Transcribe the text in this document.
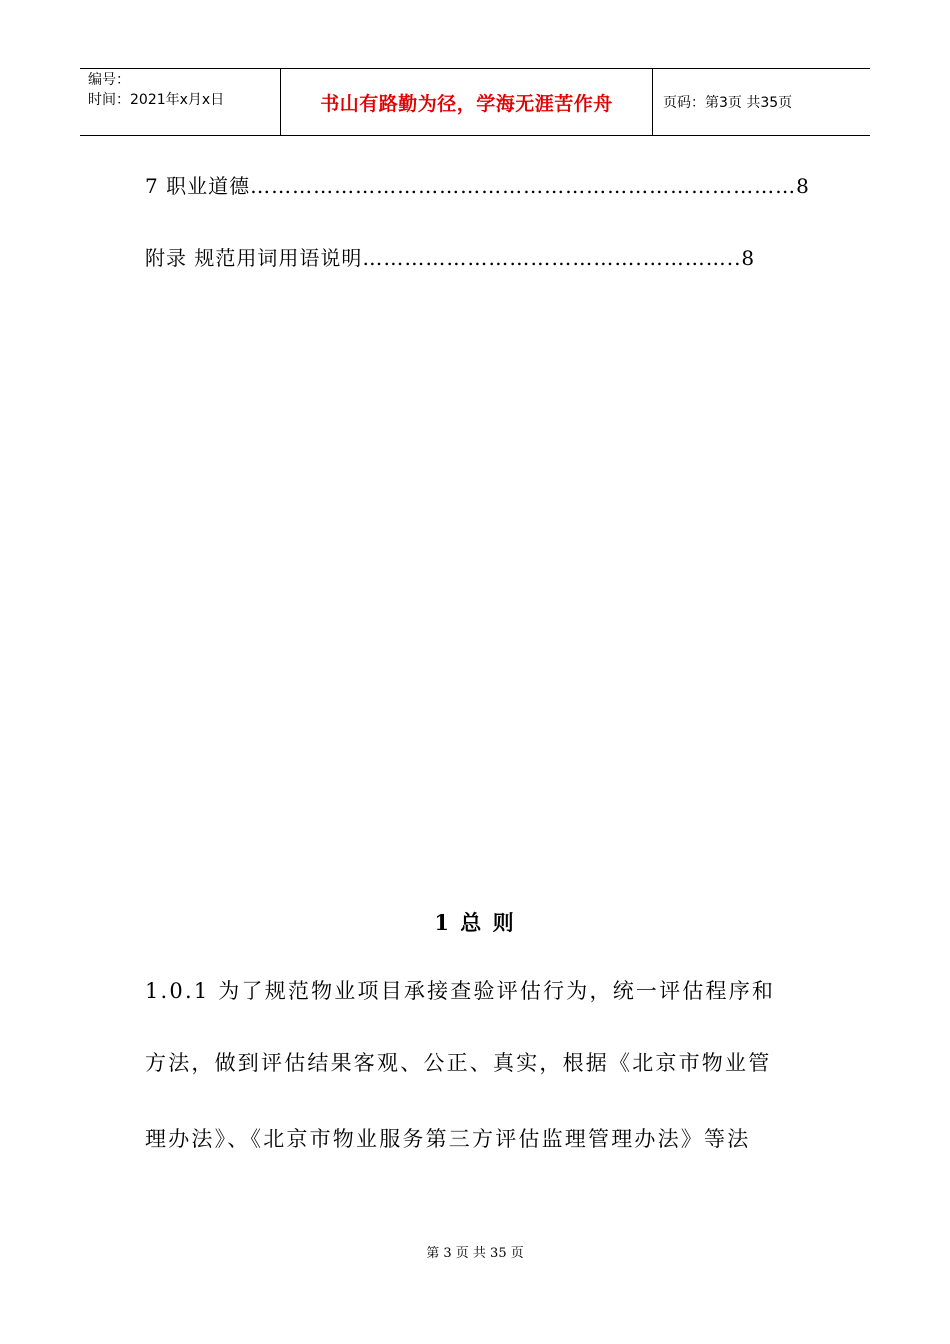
编号：
时间：2021年x月x日	书山有路勤为径，学海无涯苦作舟	页码：第3页 共35页
7 职业道德……………………………………………………………………8
附录 规范用词用语说明………………………………….…………..8
1 总 则
1.0.1 为了规范物业项目承接查验评估行为，统一评估程序和
方法，做到评估结果客观、公正、真实，根据《北京市物业管
理办法》、《北京市物业服务第三方评估监理管理办法》等法
第 3 页 共 35 页
